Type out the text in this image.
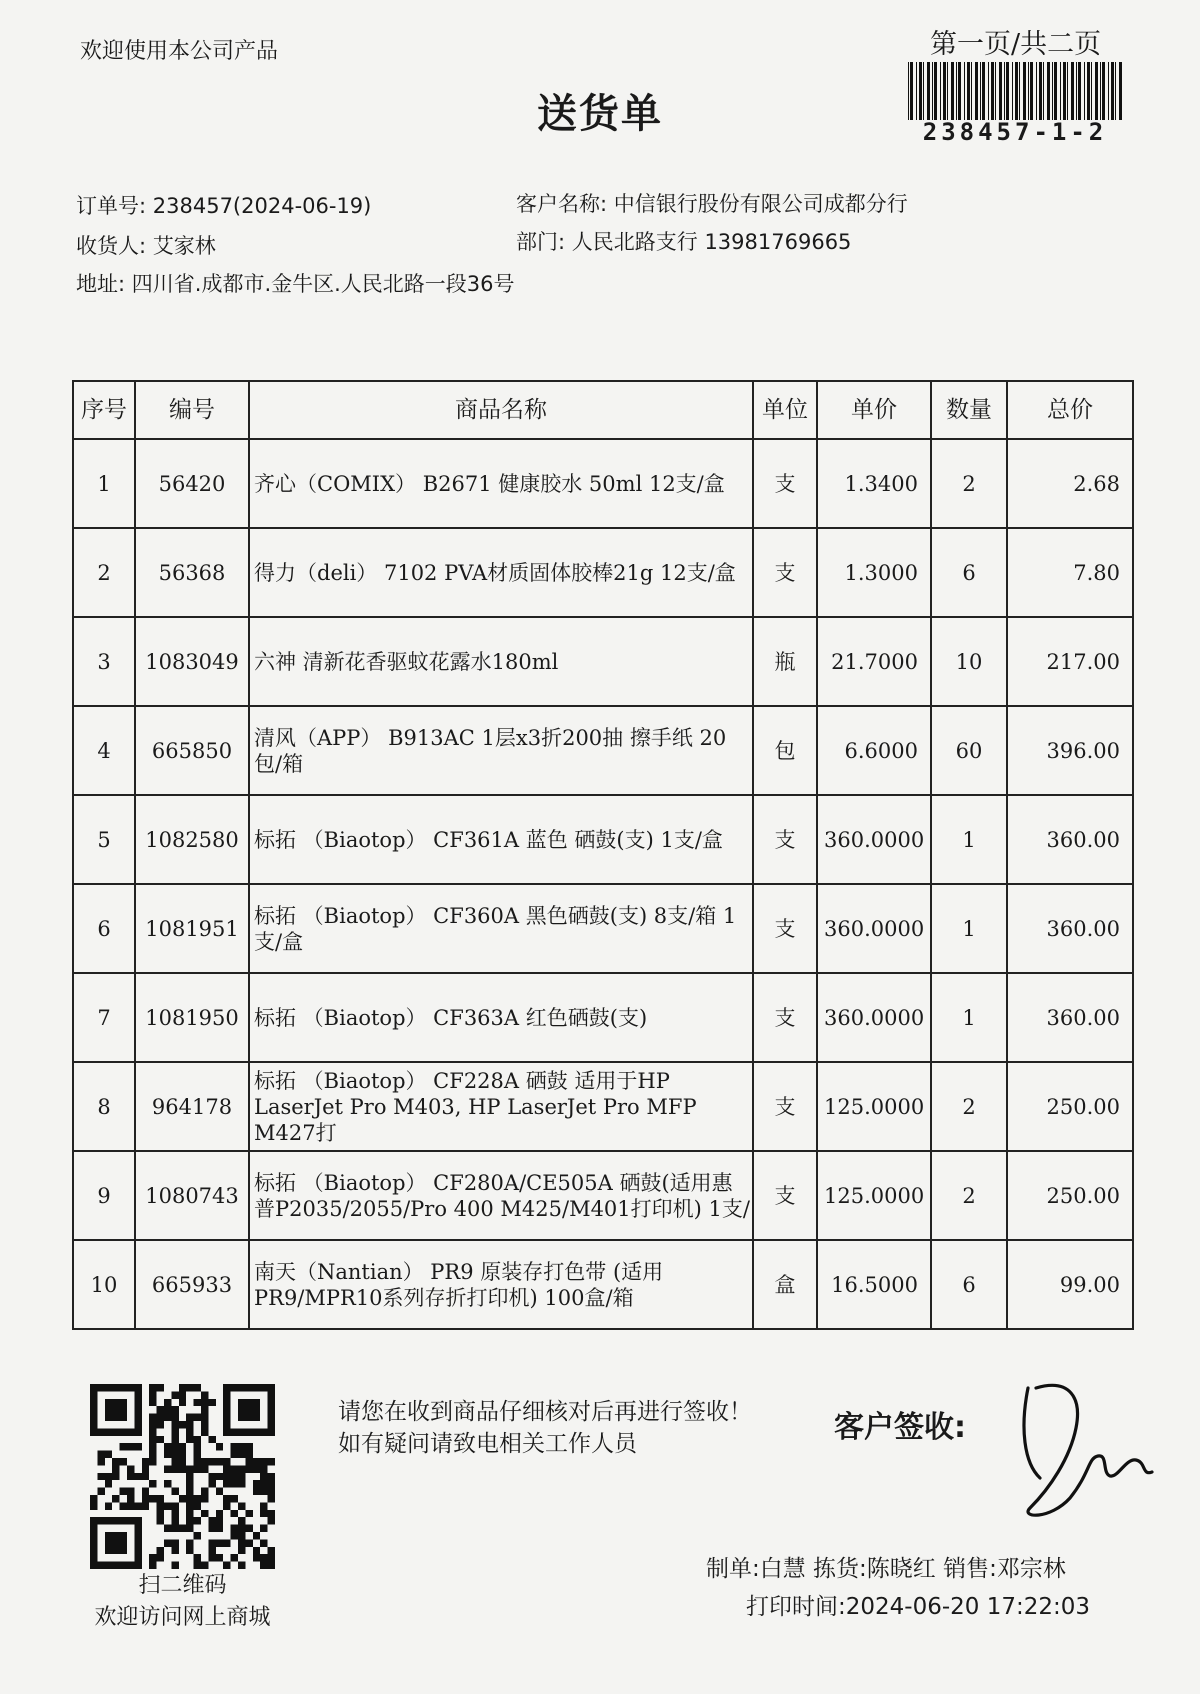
欢迎使用本公司产品	第一页/共二页
送货单	238457-1-2
订单号: 238457(2024-06-19)
收货人: 艾家林
地址: 四川省.成都市.金牛区.人民北路一段36号
客户名称: 中信银行股份有限公司成都分行
部门: 人民北路支行 13981769665
序号	编号	商品名称	单位	单价	数量	总价
1	56420	齐心（COMIX） B2671 健康胶水 50ml 12支/盒	支	1.3400	2	2.68
2	56368	得力（deli） 7102 PVA材质固体胶棒21g 12支/盒	支	1.3000	6	7.80
3	1083049	六神 清新花香驱蚊花露水180ml	瓶	21.7000	10	217.00
4	665850	清风（APP） B913AC 1层x3折200抽 擦手纸 20包/箱	包	6.6000	60	396.00
5	1082580	标拓 （Biaotop） CF361A 蓝色 硒鼓(支) 1支/盒	支	360.0000	1	360.00
6	1081951	标拓 （Biaotop） CF360A 黑色硒鼓(支) 8支/箱 1支/盒	支	360.0000	1	360.00
7	1081950	标拓 （Biaotop） CF363A 红色硒鼓(支)	支	360.0000	1	360.00
8	964178	标拓 （Biaotop） CF228A 硒鼓 适用于HP LaserJet Pro M403, HP LaserJet Pro MFP M427打	支	125.0000	2	250.00
9	1080743	标拓 （Biaotop） CF280A/CE505A 硒鼓(适用惠普P2035/2055/Pro 400 M425/M401打印机) 1支/	支	125.0000	2	250.00
10	665933	南天（Nantian） PR9 原装存打色带 (适用PR9/MPR10系列存折打印机) 100盒/箱	盒	16.5000	6	99.00
扫二维码
欢迎访问网上商城
请您在收到商品仔细核对后再进行签收！如有疑问请致电相关工作人员	客户签收:
制单:白慧 拣货:陈晓红 销售:邓宗林
打印时间:2024-06-20 17:22:03
